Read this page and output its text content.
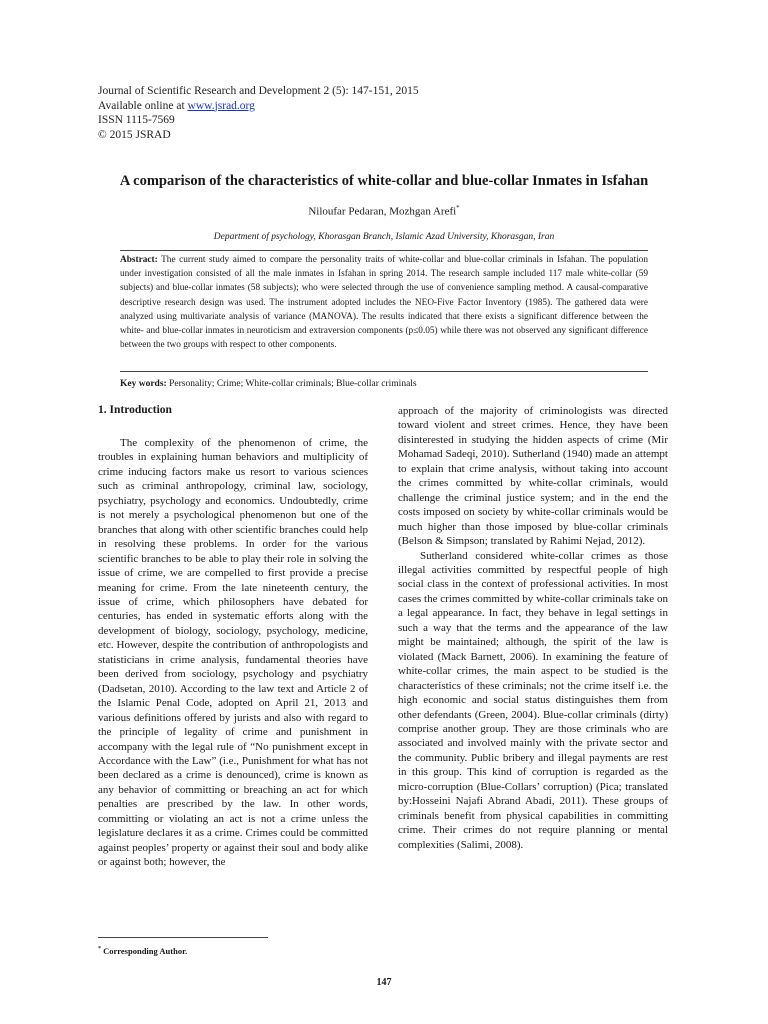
Journal of Scientific Research and Development 2 (5): 147-151, 2015
Available online at www.jsrad.org
ISSN 1115-7569
© 2015 JSRAD
A comparison of the characteristics of white-collar and blue-collar Inmates in Isfahan
Niloufar Pedaran, Mozhgan Arefi*
Department of psychology, Khorasgan Branch, Islamic Azad University, Khorasgan, Iran
Abstract: The current study aimed to compare the personality traits of white-collar and blue-collar criminals in Isfahan. The population under investigation consisted of all the male inmates in Isfahan in spring 2014. The research sample included 117 male white-collar (59 subjects) and blue-collar inmates (58 subjects); who were selected through the use of convenience sampling method. A causal-comparative descriptive research design was used. The instrument adopted includes the NEO-Five Factor Inventory (1985). The gathered data were analyzed using multivariate analysis of variance (MANOVA). The results indicated that there exists a significant difference between the white- and blue-collar inmates in neuroticism and extraversion components (p≤0.05) while there was not observed any significant difference between the two groups with respect to other components.
Key words: Personality; Crime; White-collar criminals; Blue-collar criminals
1. Introduction

The complexity of the phenomenon of crime, the troubles in explaining human behaviors and multiplicity of crime inducing factors make us resort to various sciences such as criminal anthropology, criminal law, sociology, psychiatry, psychology and economics. Undoubtedly, crime is not merely a psychological phenomenon but one of the branches that along with other scientific branches could help in resolving these problems. In order for the various scientific branches to be able to play their role in solving the issue of crime, we are compelled to first provide a precise meaning for crime. From the late nineteenth century, the issue of crime, which philosophers have debated for centuries, has ended in systematic efforts along with the development of biology, sociology, psychology, medicine, etc. However, despite the contribution of anthropologists and statisticians in crime analysis, fundamental theories have been derived from sociology, psychology and psychiatry (Dadsetan, 2010). According to the law text and Article 2 of the Islamic Penal Code, adopted on April 21, 2013 and various definitions offered by jurists and also with regard to the principle of legality of crime and punishment in accompany with the legal rule of “No punishment except in Accordance with the Law” (i.e., Punishment for what has not been declared as a crime is denounced), crime is known as any behavior of committing or breaching an act for which penalties are prescribed by the law. In other words, committing or violating an act is not a crime unless the legislature declares it as a crime. Crimes could be committed against peoples’ property or against their soul and body alike or against both; however, the

approach of the majority of criminologists was directed toward violent and street crimes. Hence, they have been disinterested in studying the hidden aspects of crime (Mir Mohamad Sadeqi, 2010). Sutherland (1940) made an attempt to explain that crime analysis, without taking into account the crimes committed by white-collar criminals, would challenge the criminal justice system; and in the end the costs imposed on society by white-collar criminals would be much higher than those imposed by blue-collar criminals (Belson & Simpson; translated by Rahimi Nejad, 2012).

Sutherland considered white-collar crimes as those illegal activities committed by respectful people of high social class in the context of professional activities. In most cases the crimes committed by white-collar criminals take on a legal appearance. In fact, they behave in legal settings in such a way that the terms and the appearance of the law might be maintained; although, the spirit of the law is violated (Mack Barnett, 2006). In examining the feature of white-collar crimes, the main aspect to be studied is the characteristics of these criminals; not the crime itself i.e. the high economic and social status distinguishes them from other defendants (Green, 2004). Blue-collar criminals (dirty) comprise another group. They are those criminals who are associated and involved mainly with the private sector and the community. Public bribery and illegal payments are rest in this group. This kind of corruption is regarded as the micro-corruption (Blue-Collars’ corruption) (Pica; translated by:Hosseini Najafi Abrand Abadi, 2011). These groups of criminals benefit from physical capabilities in committing crime. Their crimes do not require planning or mental complexities (Salimi, 2008).

* Corresponding Author.
147
